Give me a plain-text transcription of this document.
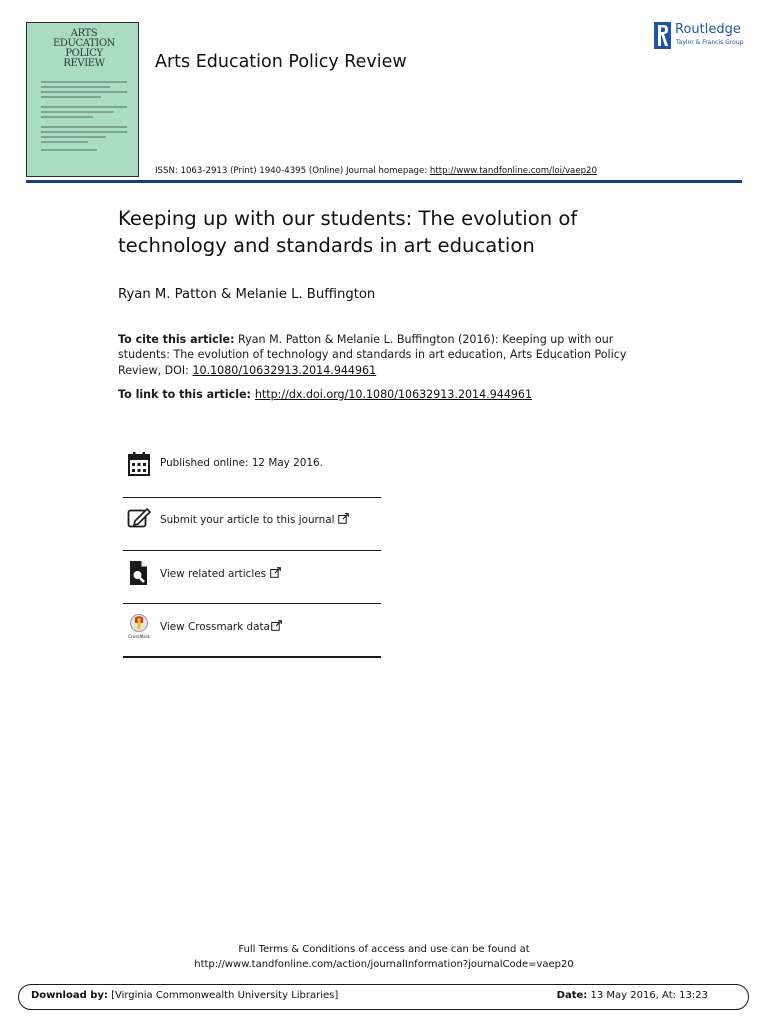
ARTS
EDUCATION
POLICY
REVIEW	Arts Education Policy Review
Routledge
Taylor & Francis Group
ISSN: 1063-2913 (Print) 1940-4395 (Online) Journal homepage: http://www.tandfonline.com/loi/vaep20
Keeping up with our students: The evolution of technology and standards in art education
Ryan M. Patton & Melanie L. Buffington
To cite this article: Ryan M. Patton & Melanie L. Buffington (2016): Keeping up with our students: The evolution of technology and standards in art education, Arts Education Policy Review, DOI: 10.1080/10632913.2014.944961
To link to this article: http://dx.doi.org/10.1080/10632913.2014.944961
Published online: 12 May 2016.
Submit your article to this journal
View related articles
CrossMark
View Crossmark data
Full Terms & Conditions of access and use can be found at
http://www.tandfonline.com/action/journalInformation?journalCode=vaep20
Download by: [Virginia Commonwealth University Libraries]	Date: 13 May 2016, At: 13:23
